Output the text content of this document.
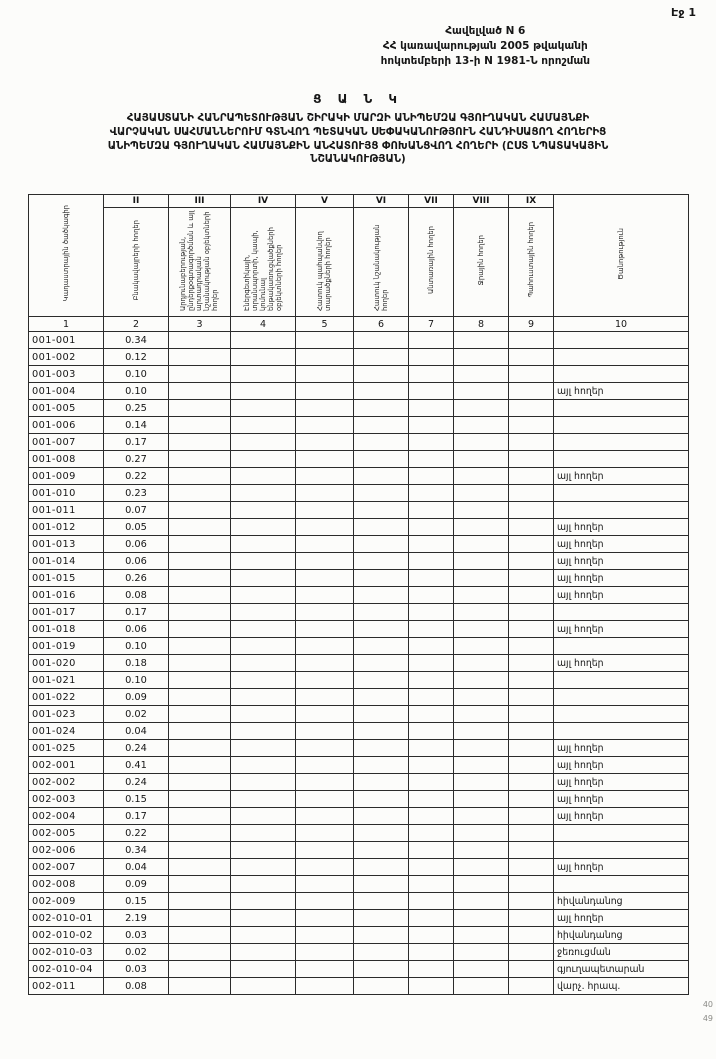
Էջ 1
Հավելված N 6
ՀՀ կառավարության 2005 թվականի
հոկտեմբերի 13-ի N 1981-Ն որոշման
Ց Ա Ն Կ
ՀԱՅԱՍՏԱՆԻ ՀԱՆՐԱՊԵՏՈՒԹՅԱՆ ՇԻՐԱԿԻ ՄԱՐԶԻ ԱՆԻՊԵՄԶԱ ԳՅՈՒՂԱԿԱՆ ՀԱՄԱՅՆՔԻ
ՎԱՐՉԱԿԱՆ ՍԱՀՄԱՆՆԵՐՈՒՄ ԳՏՆՎՈՂ ՊԵՏԱԿԱՆ ՍԵՓԱԿԱՆՈՒԹՅՈՒՆ ՀԱՆԴԻՍԱՑՈՂ ՀՈՂԵՐԻՑ
ԱՆԻՊԵՄԶԱ ԳՅՈՒՂԱԿԱՆ ՀԱՄԱՅՆՔԻՆ ԱՆՀԱՏՈՒՅՑ ՓՈԽԱՆՑՎՈՂ ՀՈՂԵՐԻ (ԸՍՏ ՆՊԱՏԱԿԱՅԻՆ
ՆՇԱՆԱԿՈՒԹՅԱՆ)
Կադաստրային ծածկագիր	II	III	IV	V	VI	VII	VIII	IX	Ծանոթություն
	Բնակավայրերի հողեր	Արդյունաբերության, ընդերքօգտագործման և այլ արտադրական նշանակության օբյեկտների հողեր	Էներգետիկայի, տրանսպորտի, կապի, կոմունալ ենթակառուցվածքների օբյեկտների հողեր	Հատուկ պահպանվող տարածքների հողեր	Հատուկ նշանակության հողեր	Անտառային հողեր	Ջրային հողեր	Պահուստային հողեր	
1	2	3	4	5	6	7	8	9	10
001-001	0.34								
001-002	0.12								
001-003	0.10								
001-004	0.10								այլ հողեր
001-005	0.25								
001-006	0.14								
001-007	0.17								
001-008	0.27								
001-009	0.22								այլ հողեր
001-010	0.23								
001-011	0.07								
001-012	0.05								այլ հողեր
001-013	0.06								այլ հողեր
001-014	0.06								այլ հողեր
001-015	0.26								այլ հողեր
001-016	0.08								այլ հողեր
001-017	0.17								
001-018	0.06								այլ հողեր
001-019	0.10								
001-020	0.18								այլ հողեր
001-021	0.10								
001-022	0.09								
001-023	0.02								
001-024	0.04								
001-025	0.24								այլ հողեր
002-001	0.41								այլ հողեր
002-002	0.24								այլ հողեր
002-003	0.15								այլ հողեր
002-004	0.17								այլ հողեր
002-005	0.22								
002-006	0.34								
002-007	0.04								այլ հողեր
002-008	0.09								
002-009	0.15								հիվանդանոց
002-010-01	2.19								այլ հողեր
002-010-02	0.03								հիվանդանոց
002-010-03	0.02								ջեռուցման
002-010-04	0.03								գյուղապետարան
002-011	0.08								վարչ. հրապ.
40
49
